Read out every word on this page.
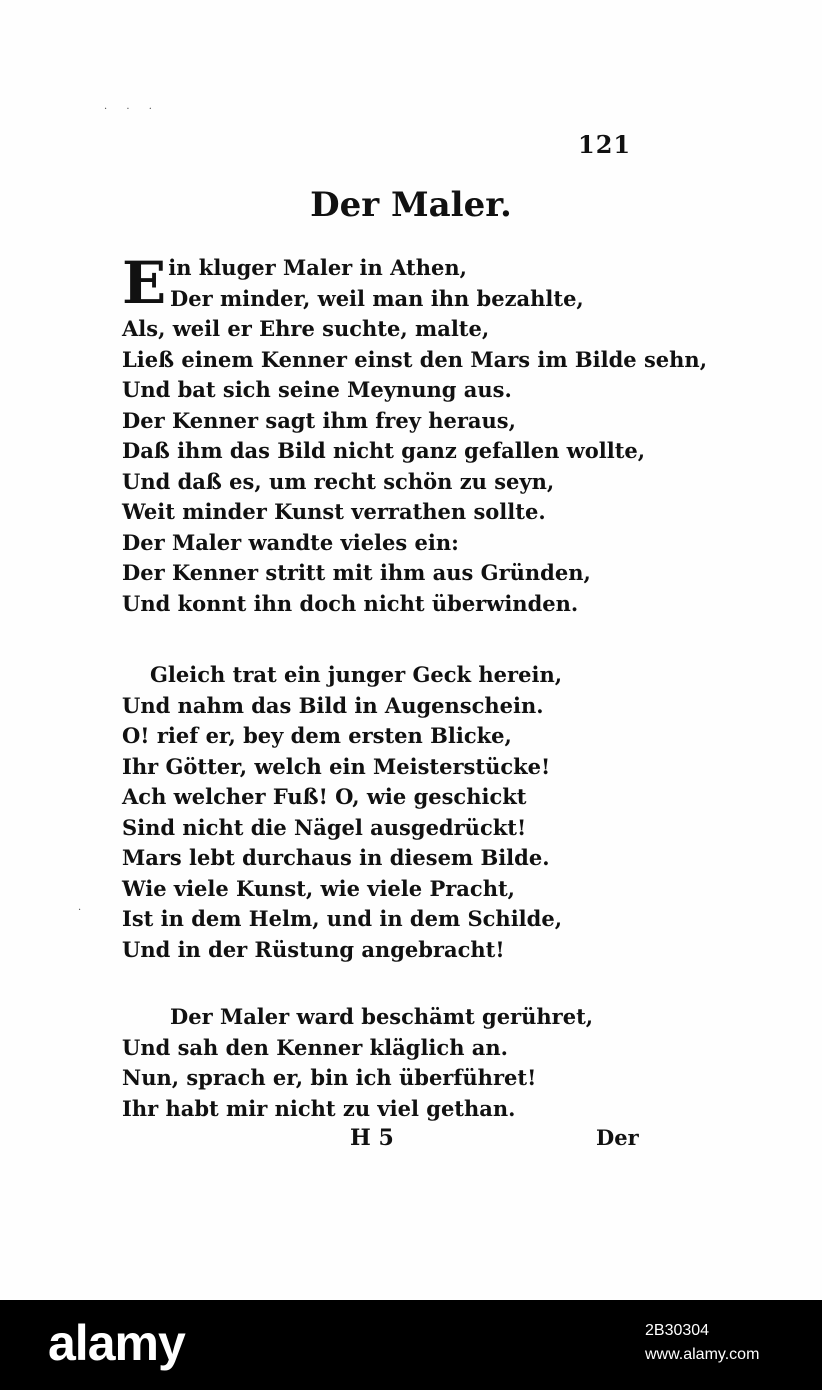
· · ·
·
121
Der Maler.
Ein kluger Maler in Athen,
Der minder, weil man ihn bezahlte,
Als, weil er Ehre suchte, malte,
Ließ einem Kenner einst den Mars im Bilde sehn,
Und bat sich seine Meynung aus.
Der Kenner sagt ihm frey heraus,
Daß ihm das Bild nicht ganz gefallen wollte,
Und daß es, um recht schön zu seyn,
Weit minder Kunst verrathen sollte.
Der Maler wandte vieles ein:
Der Kenner stritt mit ihm aus Gründen,
Und konnt ihn doch nicht überwinden.
Gleich trat ein junger Geck herein,
Und nahm das Bild in Augenschein.
O! rief er, bey dem ersten Blicke,
Ihr Götter, welch ein Meisterstücke!
Ach welcher Fuß! O, wie geschickt
Sind nicht die Nägel ausgedrückt!
Mars lebt durchaus in diesem Bilde.
Wie viele Kunst, wie viele Pracht,
Ist in dem Helm, und in dem Schilde,
Und in der Rüstung angebracht!
Der Maler ward beschämt gerühret,
Und sah den Kenner kläglich an.
Nun, sprach er, bin ich überführet!
Ihr habt mir nicht zu viel gethan.
H 5	Der
alamy	2B30304
www.alamy.com
